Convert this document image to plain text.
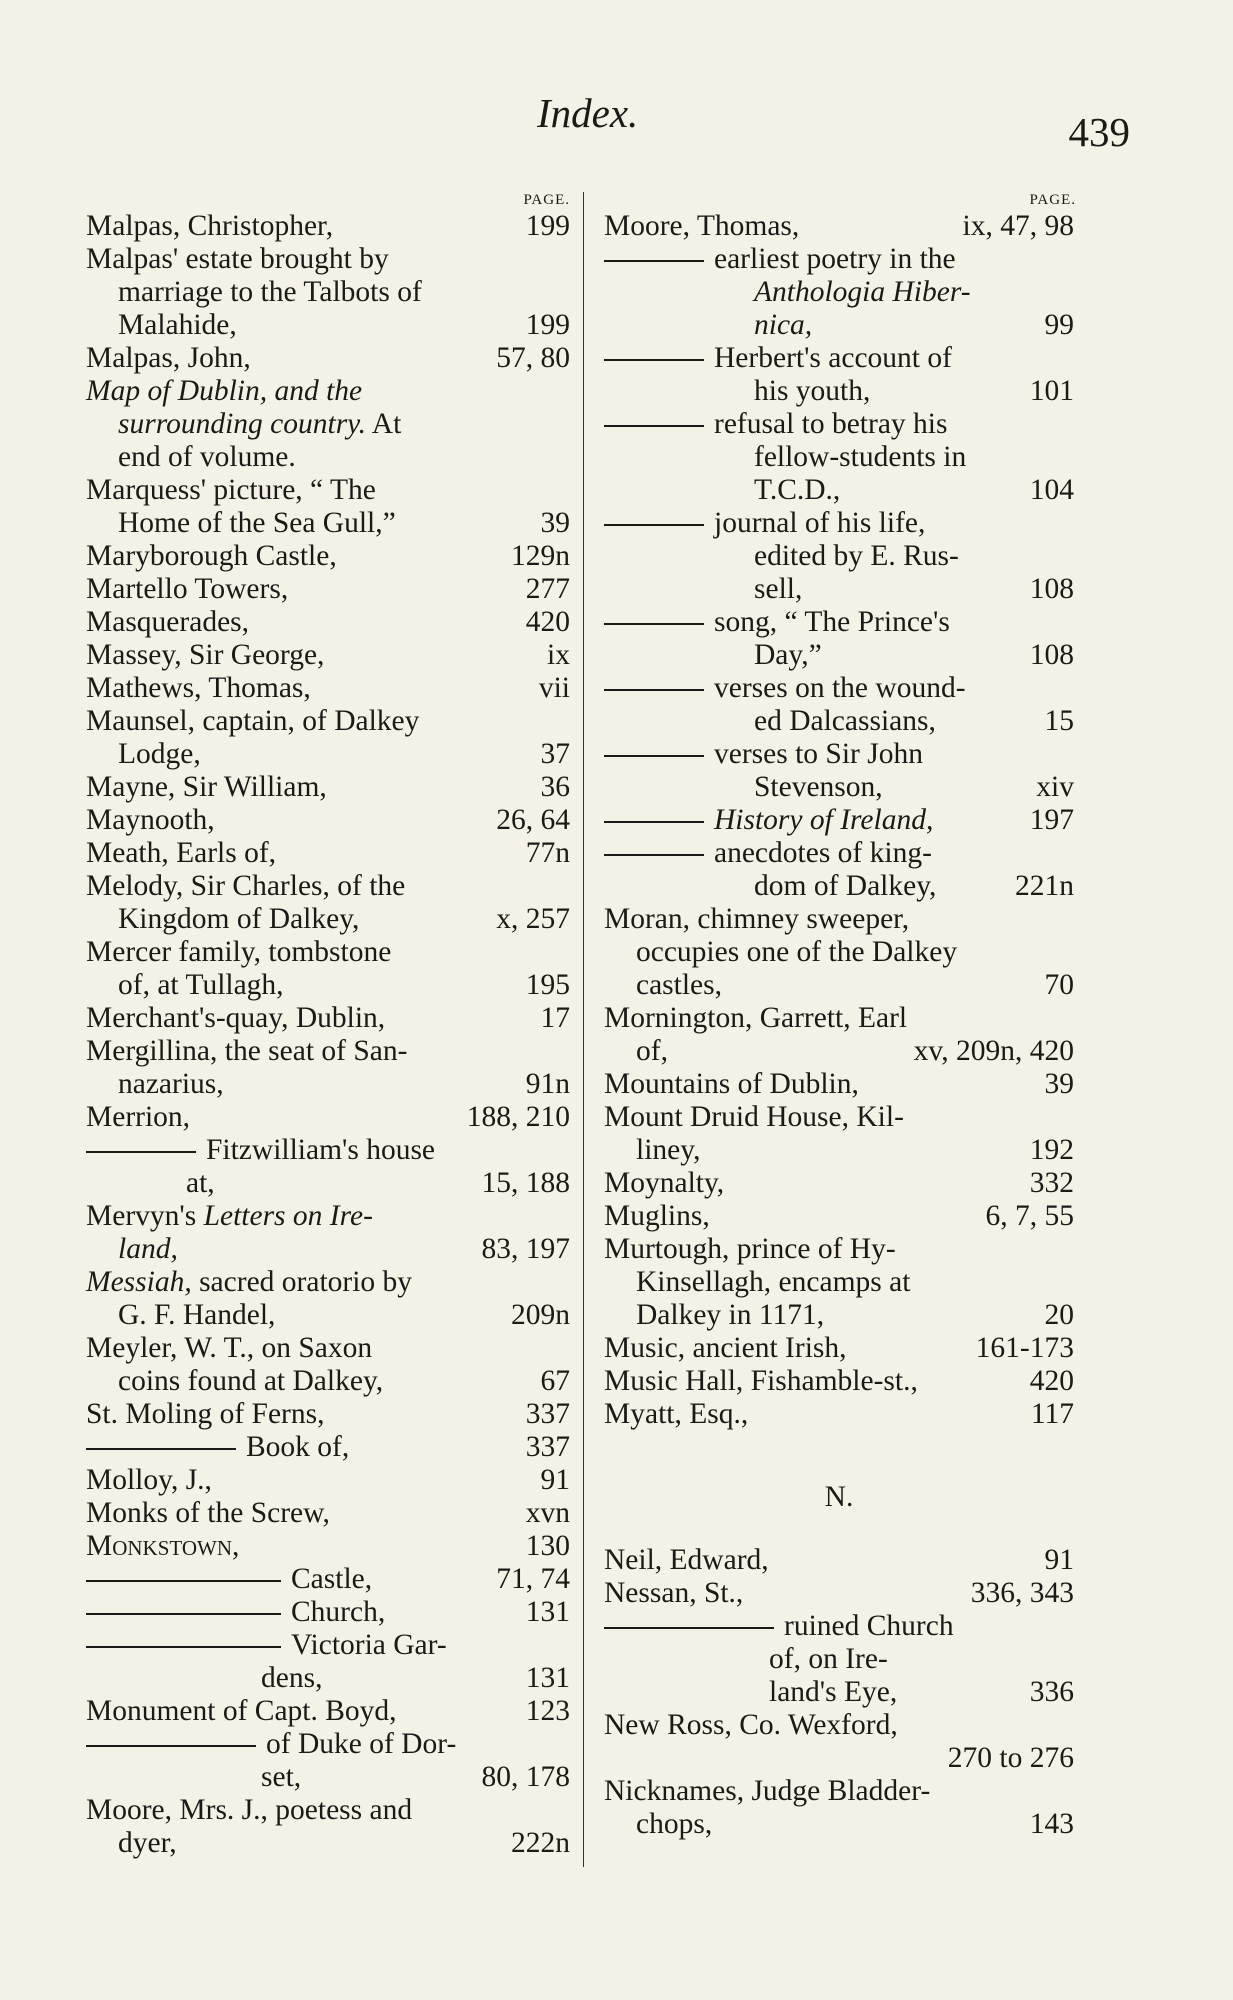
Index.	439
PAGE.
Malpas, Christopher,	199
Malpas' estate brought by
marriage to the Talbots of
Malahide,	199
Malpas, John,	57, 80
Map of Dublin, and the
surrounding country. At
end of volume.
Marquess' picture, “ The
Home of the Sea Gull,”	39
Maryborough Castle,	129n
Martello Towers,	277
Masquerades,	420
Massey, Sir George,	ix
Mathews, Thomas,	vii
Maunsel, captain, of Dalkey
Lodge,	37
Mayne, Sir William,	36
Maynooth,	26, 64
Meath, Earls of,	77n
Melody, Sir Charles, of the
Kingdom of Dalkey,	x, 257
Mercer family, tombstone
of, at Tullagh,	195
Merchant's-quay, Dublin,	17
Mergillina, the seat of San-
nazarius,	91n
Merrion,	188, 210
Fitzwilliam's house
at,	15, 188
Mervyn's Letters on Ire-
land,	83, 197
Messiah, sacred oratorio by
G. F. Handel,	209n
Meyler, W. T., on Saxon
coins found at Dalkey,	67
St. Moling of Ferns,	337
Book of,	337
Molloy, J.,	91
Monks of the Screw,	xvn
Monkstown,	130
Castle,	71, 74
Church,	131
Victoria Gar-
dens,	131
Monument of Capt. Boyd,	123
of Duke of Dor-
set,	80, 178
Moore, Mrs. J., poetess and
dyer,	222n
PAGE.
Moore, Thomas,	ix, 47, 98
earliest poetry in the
Anthologia Hiber-
nica,	99
Herbert's account of
his youth,	101
refusal to betray his
fellow-students in
T.C.D.,	104
journal of his life,
edited by E. Rus-
sell,	108
song, “ The Prince's
Day,”	108
verses on the wound-
ed Dalcassians,	15
verses to Sir John
Stevenson,	xiv
History of Ireland,	197
anecdotes of king-
dom of Dalkey,	221n
Moran, chimney sweeper,
occupies one of the Dalkey
castles,	70
Mornington, Garrett, Earl
of,	xv, 209n, 420
Mountains of Dublin,	39
Mount Druid House, Kil-
liney,	192
Moynalty,	332
Muglins,	6, 7, 55
Murtough, prince of Hy-
Kinsellagh, encamps at
Dalkey in 1171,	20
Music, ancient Irish,	161-173
Music Hall, Fishamble-st.,	420
Myatt, Esq.,	117
N.
Neil, Edward,	91
Nessan, St.,	336, 343
ruined Church
of, on Ire-
land's Eye,	336
New Ross, Co. Wexford,
270 to 276
Nicknames, Judge Bladder-
chops,	143
